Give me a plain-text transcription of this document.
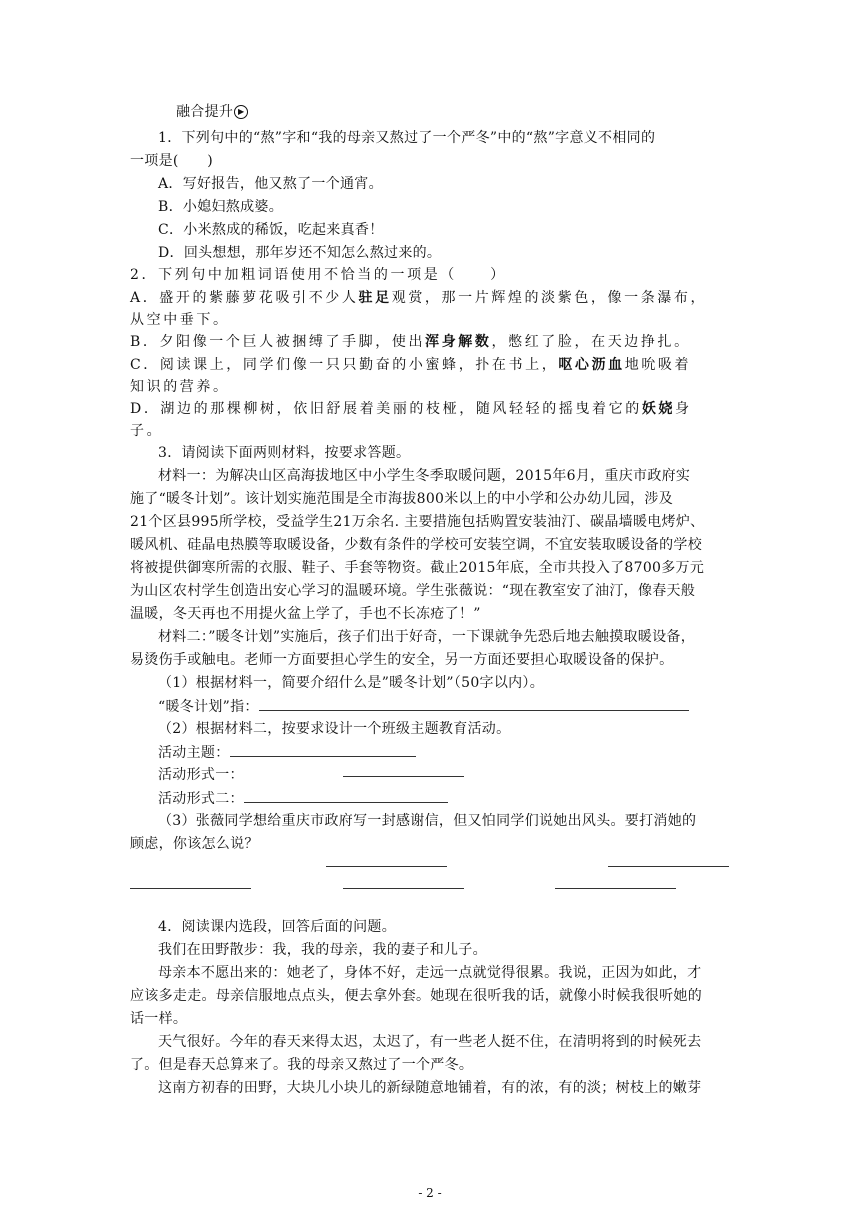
融合提升 ▶
1．下列句中的“熬”字和“我的母亲又熬过了一个严冬”中的“熬”字意义不相同的
一项是(　　)
A．写好报告，他又熬了一个通宵。
B．小媳妇熬成婆。
C．小米熬成的稀饭，吃起来真香！
D．回头想想，那年岁还不知怎么熬过来的。
2．下列句中加粗词语使用不恰当的一项是（　　）
A．盛开的紫藤萝花吸引不少人驻足观赏，那一片辉煌的淡紫色，像一条瀑布，
从空中垂下。
B．夕阳像一个巨人被捆缚了手脚，使出浑身解数，憋红了脸，在天边挣扎。
C．阅读课上，同学们像一只只勤奋的小蜜蜂，扑在书上，呕心沥血地吮吸着
知识的营养。
D．湖边的那棵柳树，依旧舒展着美丽的枝桠，随风轻轻的摇曳着它的妖娆身
子。
3．请阅读下面两则材料，按要求答题。
材料一：为解决山区高海拔地区中小学生冬季取暖问题，2015年6月，重庆市政府实
施了“暖冬计划”。该计划实施范围是全市海拔800米以上的中小学和公办幼儿园，涉及
21个区县995所学校，受益学生21万余名. 主要措施包括购置安装油汀、碳晶墙暖电烤炉、
暖风机、硅晶电热膜等取暖设备，少数有条件的学校可安装空调，不宜安装取暖设备的学校
将被提供御寒所需的衣服、鞋子、手套等物资。截止2015年底，全市共投入了8700多万元
为山区农村学生创造出安心学习的温暖环境。学生张薇说：“现在教室安了油汀，像春天般
温暖，冬天再也不用提火盆上学了，手也不长冻疮了！”
材料二：”暖冬计划”实施后，孩子们出于好奇，一下课就争先恐后地去触摸取暖设备，
易烫伤手或触电。老师一方面要担心学生的安全，另一方面还要担心取暖设备的保护。
（1）根据材料一，简要介绍什么是”暖冬计划”（50字以内）。
“暖冬计划”指：
（2）根据材料二，按要求设计一个班级主题教育活动。
活动主题：
活动形式一：
活动形式二：
（3）张薇同学想给重庆市政府写一封感谢信，但又怕同学们说她出风头。要打消她的
顾虑，你该怎么说？
4．阅读课内选段，回答后面的问题。
我们在田野散步：我，我的母亲，我的妻子和儿子。
母亲本不愿出来的：她老了，身体不好，走远一点就觉得很累。我说，正因为如此，才
应该多走走。母亲信服地点点头，便去拿外套。她现在很听我的话，就像小时候我很听她的
话一样。
天气很好。今年的春天来得太迟，太迟了，有一些老人挺不住，在清明将到的时候死去
了。但是春天总算来了。我的母亲又熬过了一个严冬。
这南方初春的田野，大块儿小块儿的新绿随意地铺着，有的浓，有的淡；树枝上的嫩芽
- 2 -
